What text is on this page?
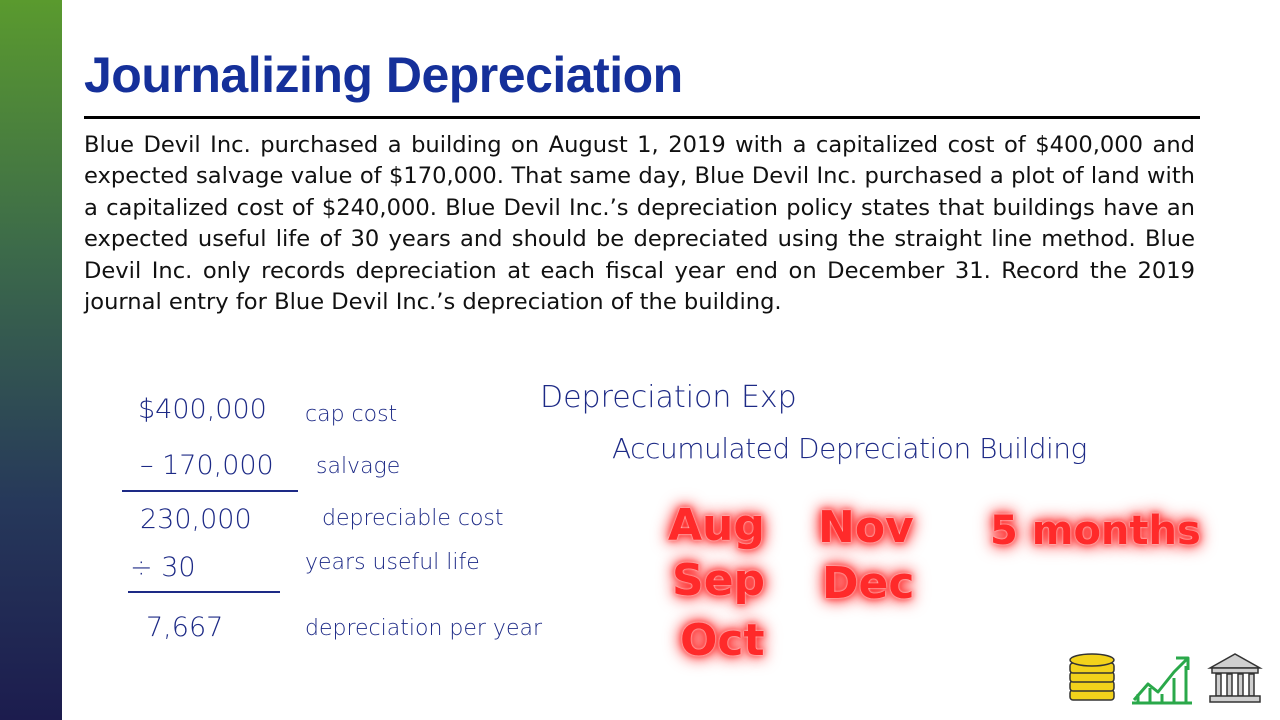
Journalizing Depreciation

Blue Devil Inc. purchased a building on August 1, 2019 with a capitalized cost of $400,000 and expected salvage value of $170,000. That same day, Blue Devil Inc. purchased a plot of land with a capitalized cost of $240,000. Blue Devil Inc.’s depreciation policy states that buildings have an expected useful life of 30 years and should be depreciated using the straight line method. Blue Devil Inc. only records depreciation at each fiscal year end on December 31. Record the 2019 journal entry for Blue Devil Inc.’s depreciation of the building.

$400,000 cap cost
– 170,000 salvage
230,000	depreciable cost
÷ 30	years useful life
7,667	depreciation per year
Depreciation Exp
Accumulated Depreciation Building
Aug
Sep
Oct
Nov
Dec
5 months
